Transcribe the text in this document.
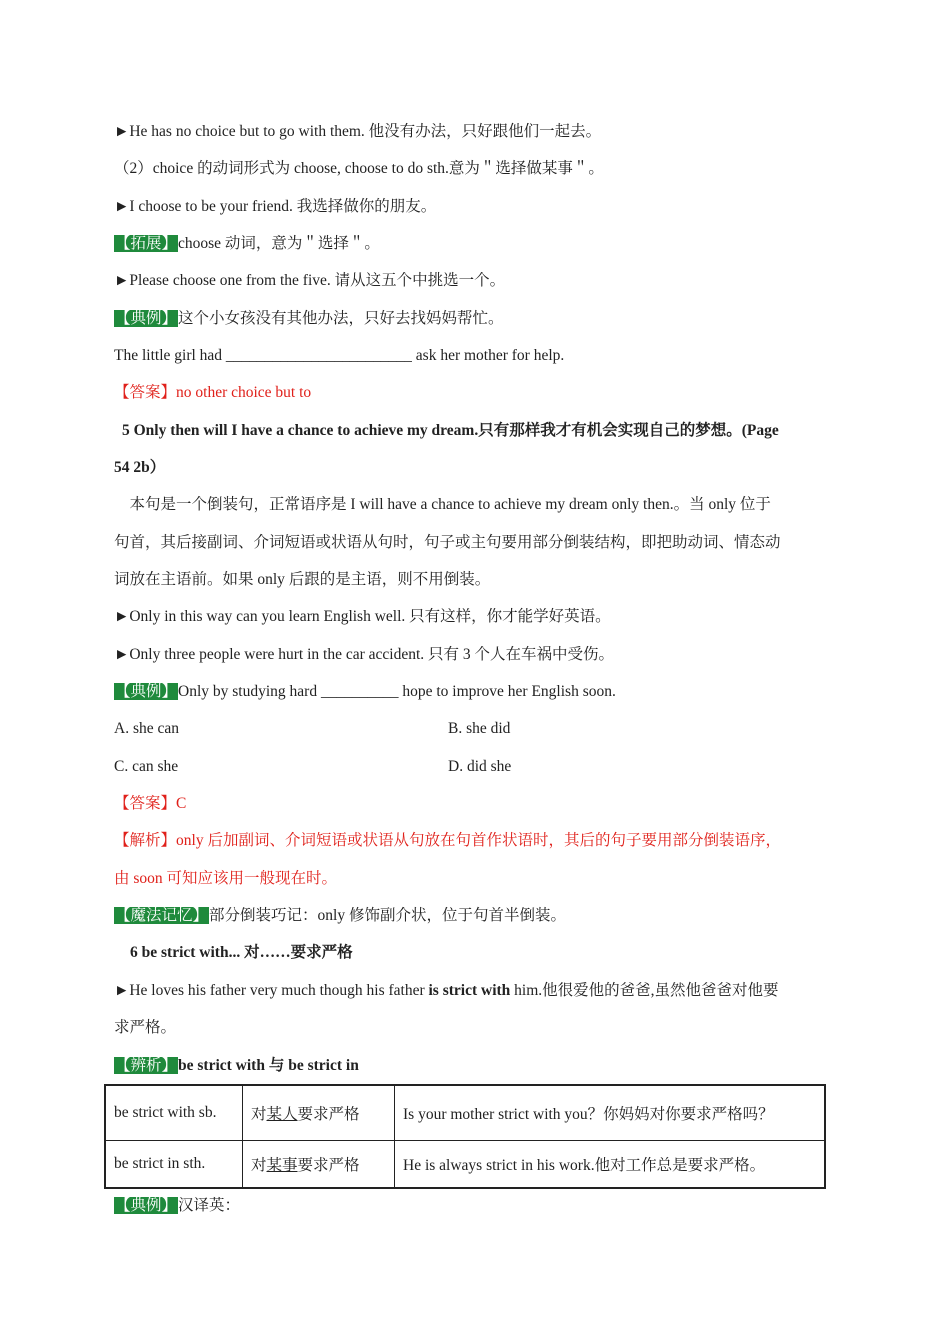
►He has no choice but to go with them. 他没有办法，只好跟他们一起去。
（2）choice 的动词形式为 choose, choose to do sth.意为＂选择做某事＂。
►I choose to be your friend. 我选择做你的朋友。
【拓展】choose 动词，意为＂选择＂。
►Please choose one from the five. 请从这五个中挑选一个。
【典例】这个小女孩没有其他办法，只好去找妈妈帮忙。
The little girl had ________________________ ask her mother for help.
【答案】no other choice but to
5 Only then will I have a chance to achieve my dream.只有那样我才有机会实现自己的梦想。(Page
54 2b）
本句是一个倒装句，正常语序是 I will have a chance to achieve my dream only then.。当 only 位于
句首，其后接副词、介词短语或状语从句时，句子或主句要用部分倒装结构，即把助动词、情态动
词放在主语前。如果 only 后跟的是主语，则不用倒装。
►Only in this way can you learn English well. 只有这样，你才能学好英语。
►Only three people were hurt in the car accident. 只有 3 个人在车祸中受伤。
【典例】Only by studying hard __________ hope to improve her English soon.
A. she can	B. she did
C. can she	D. did she
【答案】C
【解析】only 后加副词、介词短语或状语从句放在句首作状语时，其后的句子要用部分倒装语序，
由 soon 可知应该用一般现在时。
【魔法记忆】部分倒装巧记：only 修饰副介状，位于句首半倒装。
6 be strict with... 对……要求严格
►He loves his father very much though his father is strict with him.他很爱他的爸爸,虽然他爸爸对他要
求严格。
【辨析】be strict with 与 be strict in
be strict with sb.	对某人要求严格	Is your mother strict with you？你妈妈对你要求严格吗？
be strict in sth.	对某事要求严格	He is always strict in his work.他对工作总是要求严格。
【典例】汉译英：
